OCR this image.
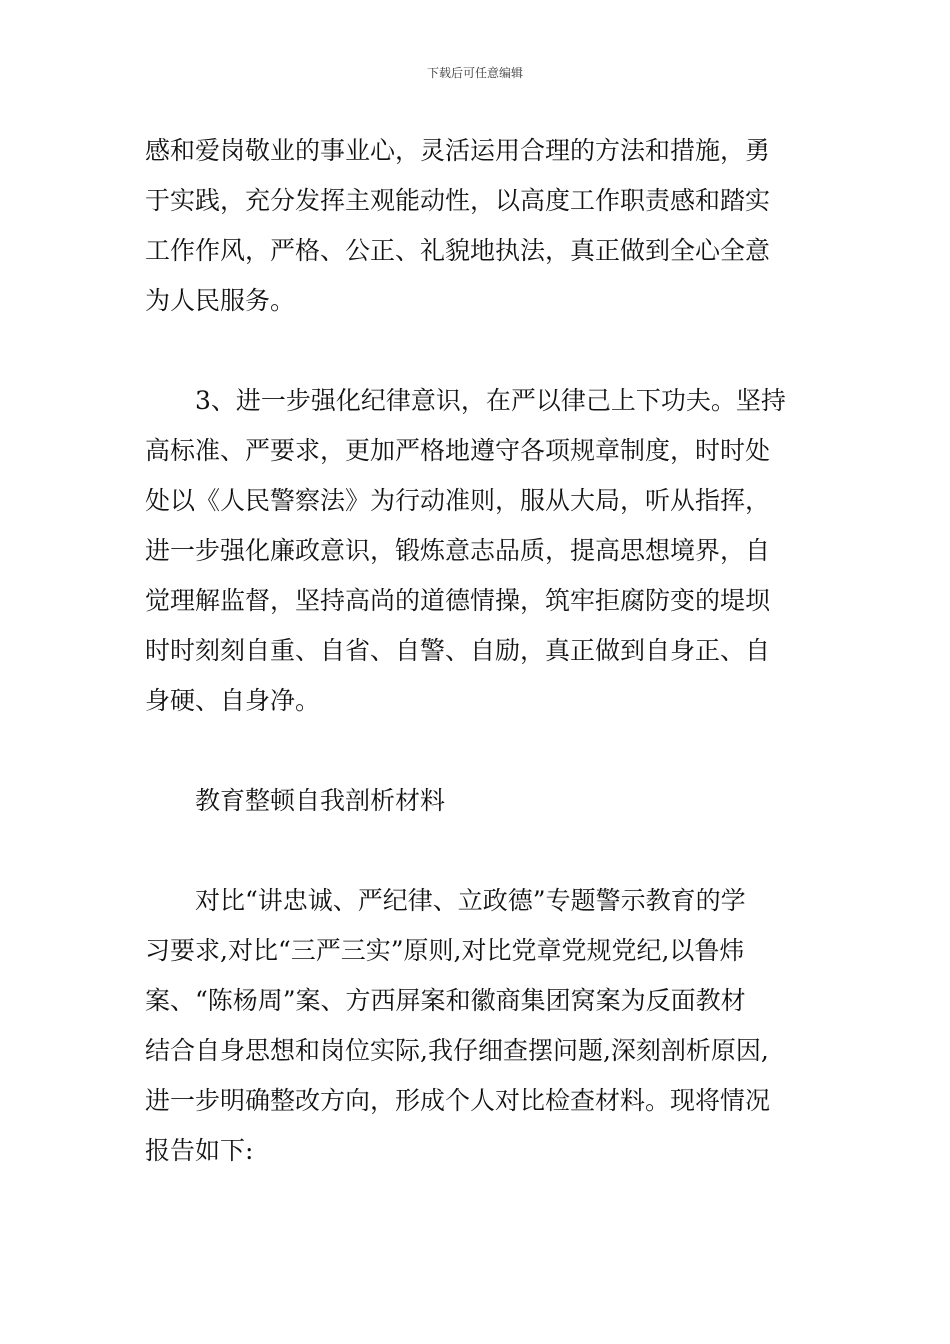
下载后可任意编辑
感和爱岗敬业的事业心，灵活运用合理的方法和措施，勇
于实践，充分发挥主观能动性，以高度工作职责感和踏实
工作作风，严格、公正、礼貌地执法，真正做到全心全意
为人民服务。
3、进一步强化纪律意识，在严以律己上下功夫。坚持
高标准、严要求，更加严格地遵守各项规章制度，时时处
处以《人民警察法》为行动准则，服从大局，听从指挥，
进一步强化廉政意识，锻炼意志品质，提高思想境界，自
觉理解监督，坚持高尚的道德情操，筑牢拒腐防变的堤坝
时时刻刻自重、自省、自警、自励，真正做到自身正、自
身硬、自身净。
教育整顿自我剖析材料
对比“讲忠诚、严纪律、立政德”专题警示教育的学
习要求,对比“三严三实”原则,对比党章党规党纪,以鲁炜
案、“陈杨周”案、方西屏案和徽商集团窝案为反面教材
结合自身思想和岗位实际,我仔细查摆问题,深刻剖析原因,
进一步明确整改方向，形成个人对比检查材料。现将情况
报告如下:
